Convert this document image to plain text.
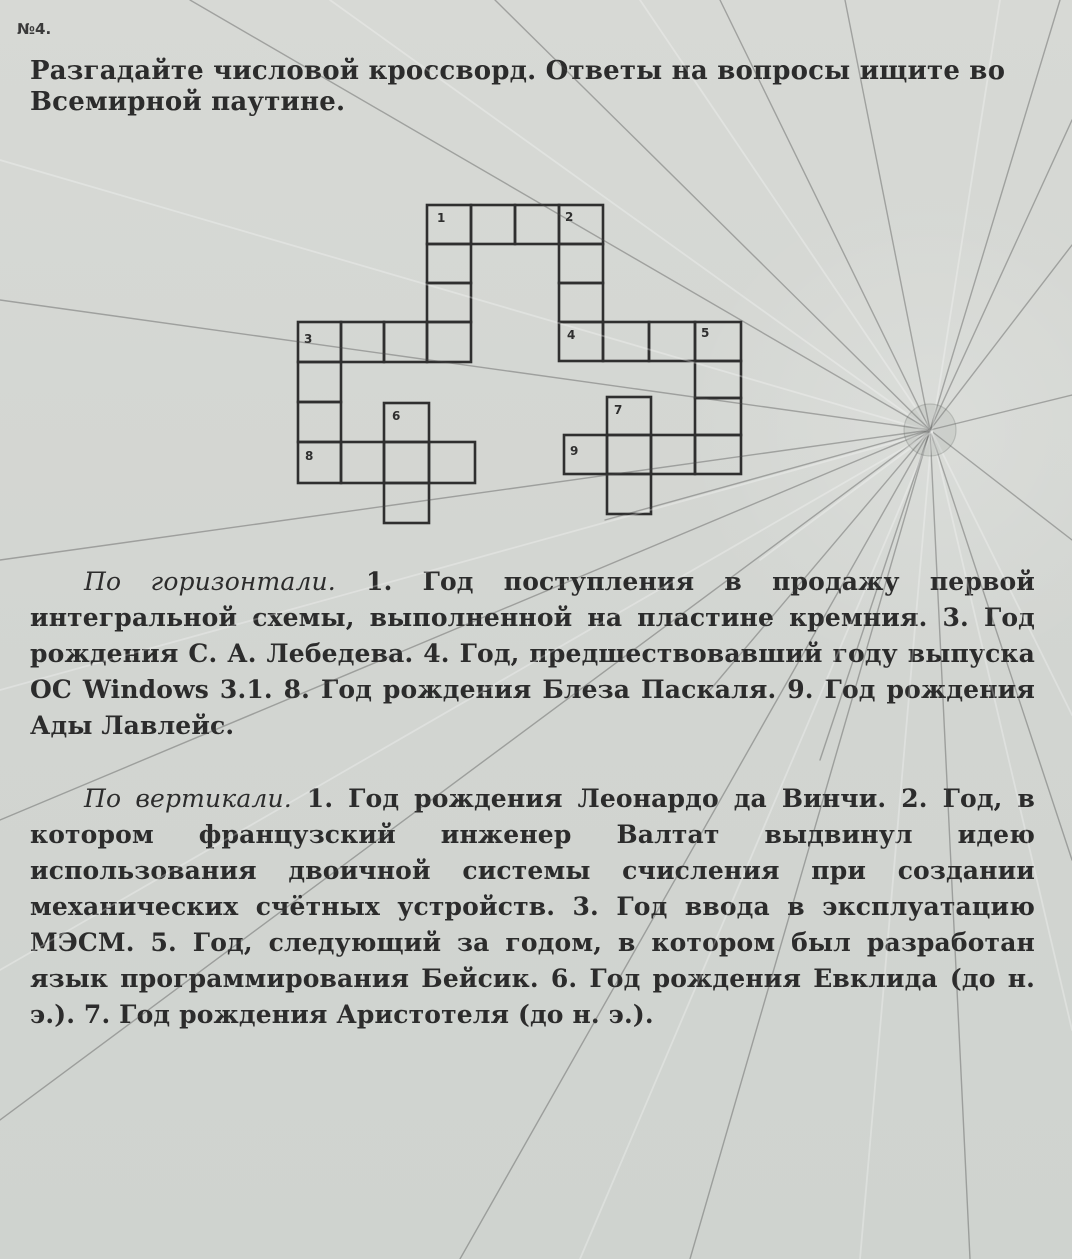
№4.

Разгадайте числовой кроссворд. Ответы на вопросы ищите во Всемирной паутине.

1	2
3	4	5
6	7
8	9

По горизонтали. 1. Год поступления в продажу первой интегральной схемы, выполненной на пластине кремния. 3. Год рождения С. А. Лебедева. 4. Год, предшествовавший году выпуска ОС Windows 3.1. 8. Год рождения Блеза Паскаля. 9. Год рождения Ады Лавлейс.

По вертикали. 1. Год рождения Леонардо да Винчи. 2. Год, в котором французский инженер Валтат выдвинул идею использования двоичной системы счисления при создании механических счётных устройств. 3. Год ввода в эксплуатацию МЭСМ. 5. Год, следующий за годом, в котором был разработан язык программирования Бейсик. 6. Год рождения Евклида (до н. э.). 7. Год рождения Аристотеля (до н. э.).
